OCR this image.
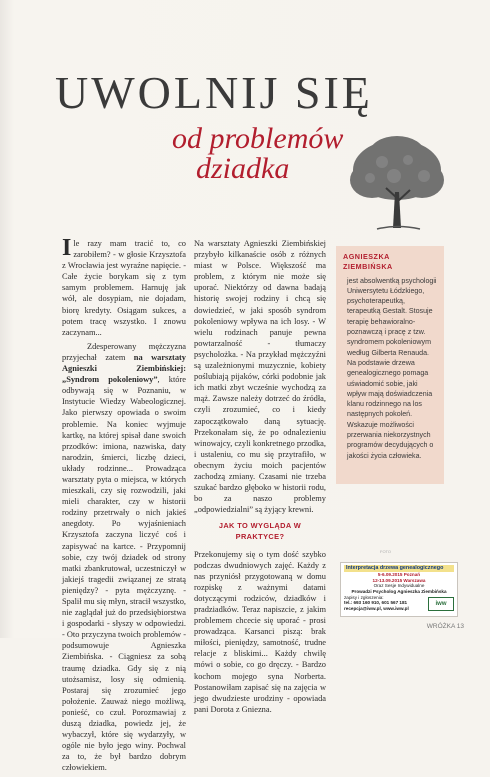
UWOLNIJ SIĘ
od problemów
dziadka

Ile razy mam tracić to, co zarobiłem? - w głosie Krzysztofa z Wrocławia jest wyraźne napięcie. - Całe życie borykam się z tym samym problemem. Harnuję jak wół, ale dosypiam, nie dojadam, biorę kredyty. Osiągam sukces, a potem tracę wszystko. I znowu zaczynam...

Zdesperowany mężczyzna przyjechał zatem na warsztaty Agnieszki Ziembińskiej: „Syndrom pokoleniowy”, które odbywają się w Poznaniu, w Instytucie Wiedzy Wabeologicznej. Jako pierwszy opowiada o swoim problemie. Na koniec wyjmuje kartkę, na której spisał dane swoich przodków: imiona, nazwiska, daty narodzin, śmierci, liczbę dzieci, układy rodzinne... Prowadząca warsztaty pyta o miejsca, w których mieszkali, czy się rozwodzili, jaki mieli charakter, czy w historii rodziny przetrwały o nich jakieś anegdoty. Po wyjaśnieniach Krzysztofa zaczyna liczyć coś i zapisywać na kartce. - Przypomnij sobie, czy twój dziadek od strony matki zbankrutował, uczestniczył w jakiejś tragedii związanej ze stratą pieniędzy? - pyta mężczyznę. - Spalił mu się młyn, stracił wszystko, nie zaglądał już do przedsiębiorstwa i gospodarki - słyszy w odpowiedzi. - Oto przyczyna twoich problemów - podsumowuje Agnieszka Ziembińska. - Ciągniesz za sobą traumę dziadka. Gdy się z nią utożsamisz, losy się odmienią. Postaraj się zrozumieć jego położenie. Zauważ niego możliwą, ponieść, co czuł. Porozmawiaj z duszą dziadka, powiedz jej, że wybaczył, które się wydarzyły, w ogóle nie było jego winy. Pochwal za to, że był bardzo dobrym człowiekiem.

Na warsztaty Agnieszki Ziembińskiej przybyło kilkanaście osób z różnych miast w Polsce. Większość ma problem, z którym nie może się uporać. Niektórzy od dawna badają historię swojej rodziny i chcą się dowiedzieć, w jaki sposób syndrom pokoleniowy wpływa na ich losy. - W wielu rodzinach panuje pewna powtarzalność - tłumaczy psycholożka. - Na przykład mężczyźni są uzależnionymi muzycznie, kobiety poślubiają pijaków, córki podobnie jak ich matki zbyt wcześnie wychodzą za mąż. Zawsze należy dotrzeć do źródła, czyli zrozumieć, co i kiedy zapoczątkowało daną sytuację. Przekonałam się, że po odnalezieniu winowajcy, czyli konkretnego przodka, i ustaleniu, co mu się przytrafiło, w obecnym życiu moich pacjentów zachodzą zmiany. Czasami nie trzeba szukać bardzo głęboko w historii rodu, bo za naszo problemy „odpowiedzialni” są żyjący krewni.

JAK TO WYGLĄDA W PRAKTYCE?

Przekonujemy się o tym dość szybko podczas dwudniowych zajęć. Każdy z nas przyniósł przygotowaną w domu rozpiskę z ważnymi datami dotyczącymi rodziców, dziadków i pradziadków. Teraz napiszcie, z jakim problemem chcecie się uporać - prosi prowadząca. Karsanci piszą: brak miłości, pieniędzy, samotność, trudne relacje z bliskimi... Każdy chwilę mówi o sobie, co go dręczy. - Bardzo kochom mojego syna Norberta. Postanowiłam zapisać się na zajęcia w jego dwudzieste urodziny - opowiada pani Dorota z Gniezna.

AGNIESZKA ZIEMBIŃSKA
jest absolwentką psychologii Uniwersytetu Łódzkiego, psychoterapeutką, terapeutką Gestalt. Stosuje terapię behawioralno-poznawczą i pracę z tzw. syndromem pokoleniowym według Gilberta Renauda. Na podstawie drzewa genealogicznego pomaga uświadomić sobie, jaki wpływ mają doświadczenia klanu rodzinnego na los następnych pokoleń. Wskazuje możliwości przerwania niekorzystnych programów decydujących o jakości życia człowieka.
FOTO
Interpretacja drzewa genealogicznego
5-6.09.2015 Poznań
12-13.09.2015 Warszawa
Oraz Sesje Indywidualne
Prowadzi Psycholog Agnieszka Ziembińska
zapisy i zgłoszenia:
tel.: 693 160 910, 601 567 181
recepcja@iww.pl, www.iww.pl
iww
WRÓŻKA 13
